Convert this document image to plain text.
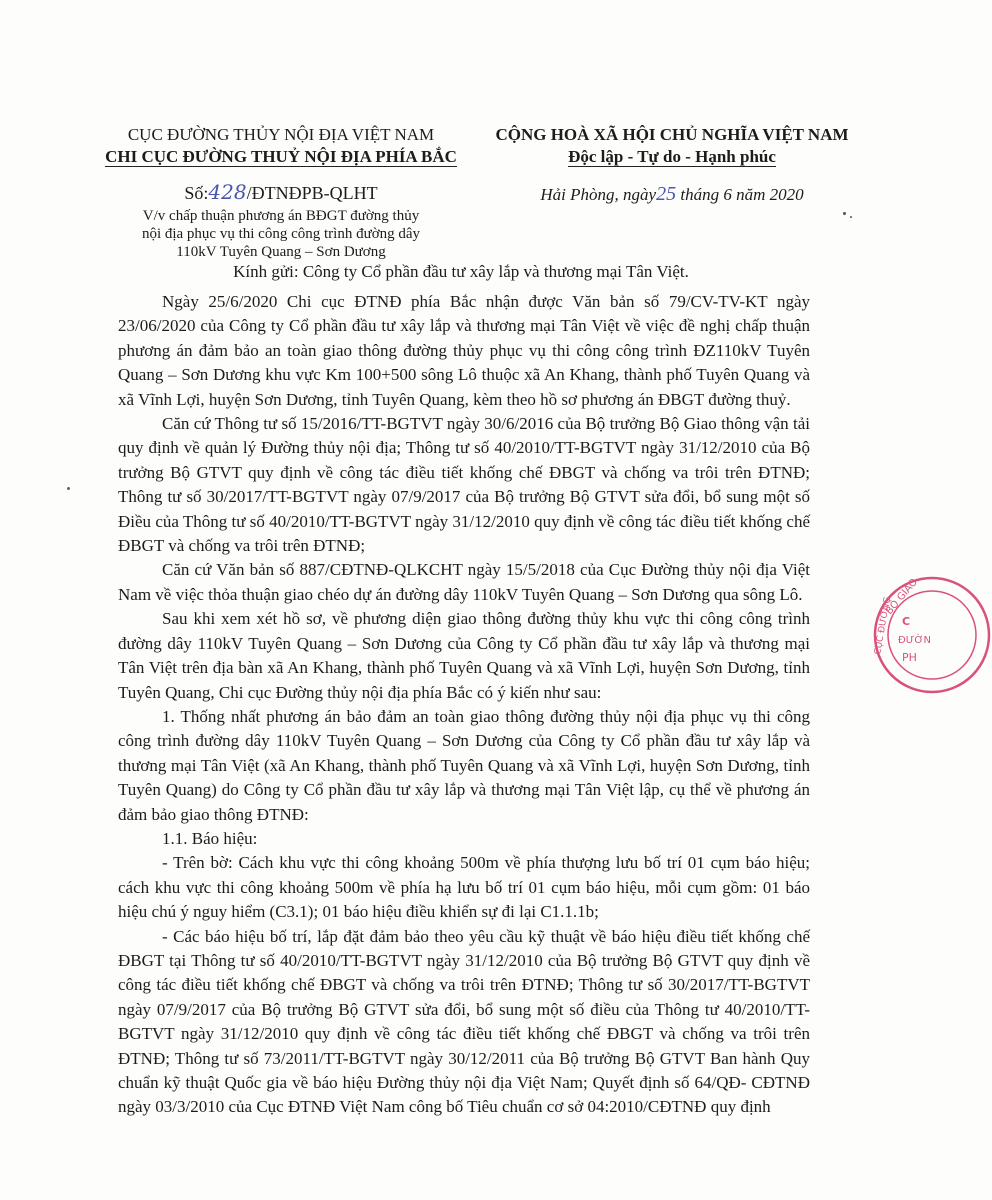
CỤC ĐƯỜNG THỦY NỘI ĐỊA VIỆT NAM
CHI CỤC ĐƯỜNG THUỶ NỘI ĐỊA PHÍA BẮC
Số:428/ĐTNĐPB-QLHT
V/v chấp thuận phương án BĐGT đường thủy
nội địa phục vụ thi công công trình đường dây
110kV Tuyên Quang – Sơn Dương
CỘNG HOÀ XÃ HỘI CHỦ NGHĨA VIỆT NAM
Độc lập - Tự do - Hạnh phúc
Hải Phòng, ngày25 tháng 6 năm 2020
Kính gửi: Công ty Cổ phần đầu tư xây lắp và thương mại Tân Việt.

Ngày 25/6/2020 Chi cục ĐTNĐ phía Bắc nhận được Văn bản số 79/CV-TV-KT ngày 23/06/2020 của Công ty Cổ phần đầu tư xây lắp và thương mại Tân Việt về việc đề nghị chấp thuận phương án đảm bảo an toàn giao thông đường thủy phục vụ thi công công trình ĐZ110kV Tuyên Quang – Sơn Dương khu vực Km 100+500 sông Lô thuộc xã An Khang, thành phố Tuyên Quang và xã Vĩnh Lợi, huyện Sơn Dương, tỉnh Tuyên Quang, kèm theo hồ sơ phương án ĐBGT đường thuỷ.

Căn cứ Thông tư số 15/2016/TT-BGTVT ngày 30/6/2016 của Bộ trưởng Bộ Giao thông vận tải quy định về quản lý Đường thủy nội địa; Thông tư số 40/2010/TT-BGTVT ngày 31/12/2010 của Bộ trưởng Bộ GTVT quy định về công tác điều tiết khống chế ĐBGT và chống va trôi trên ĐTNĐ; Thông tư số 30/2017/TT-BGTVT ngày 07/9/2017 của Bộ trưởng Bộ GTVT sửa đổi, bổ sung một số Điều của Thông tư số 40/2010/TT-BGTVT ngày 31/12/2010 quy định về công tác điều tiết khống chế ĐBGT và chống va trôi trên ĐTNĐ;

Căn cứ Văn bản số 887/CĐTNĐ-QLKCHT ngày 15/5/2018 của Cục Đường thủy nội địa Việt Nam về việc thỏa thuận giao chéo dự án đường dây 110kV Tuyên Quang – Sơn Dương qua sông Lô.

Sau khi xem xét hồ sơ, về phương diện giao thông đường thủy khu vực thi công công trình đường dây 110kV Tuyên Quang – Sơn Dương của Công ty Cổ phần đầu tư xây lắp và thương mại Tân Việt trên địa bàn xã An Khang, thành phố Tuyên Quang và xã Vĩnh Lợi, huyện Sơn Dương, tỉnh Tuyên Quang, Chi cục Đường thủy nội địa phía Bắc có ý kiến như sau:

1. Thống nhất phương án bảo đảm an toàn giao thông đường thủy nội địa phục vụ thi công công trình đường dây 110kV Tuyên Quang – Sơn Dương của Công ty Cổ phần đầu tư xây lắp và thương mại Tân Việt (xã An Khang, thành phố Tuyên Quang và xã Vĩnh Lợi, huyện Sơn Dương, tỉnh Tuyên Quang) do Công ty Cổ phần đầu tư xây lắp và thương mại Tân Việt lập, cụ thể về phương án đảm bảo giao thông ĐTNĐ:

1.1. Báo hiệu:

- Trên bờ: Cách khu vực thi công khoảng 500m về phía thượng lưu bố trí 01 cụm báo hiệu; cách khu vực thi công khoảng 500m về phía hạ lưu bố trí 01 cụm báo hiệu, mỗi cụm gồm: 01 báo hiệu chú ý nguy hiểm (C3.1); 01 báo hiệu điều khiển sự đi lại C1.1.1b;

- Các báo hiệu bố trí, lắp đặt đảm bảo theo yêu cầu kỹ thuật về báo hiệu điều tiết khống chế ĐBGT tại Thông tư số 40/2010/TT-BGTVT ngày 31/12/2010 của Bộ trưởng Bộ GTVT quy định về công tác điều tiết khống chế ĐBGT và chống va trôi trên ĐTNĐ; Thông tư số 30/2017/TT-BGTVT ngày 07/9/2017 của Bộ trưởng Bộ GTVT sửa đổi, bổ sung một số điều của Thông tư 40/2010/TT-BGTVT ngày 31/12/2010 quy định về công tác điều tiết khống chế ĐBGT và chống va trôi trên ĐTNĐ; Thông tư số 73/2011/TT-BGTVT ngày 30/12/2011 của Bộ trưởng Bộ GTVT Ban hành Quy chuẩn kỹ thuật Quốc gia về báo hiệu Đường thủy nội địa Việt Nam; Quyết định số 64/QĐ- CĐTNĐ ngày 03/3/2010 của Cục ĐTNĐ Việt Nam công bố Tiêu chuẩn cơ sở 04:2010/CĐTNĐ quy định

BỘ GIAO
C
ĐƯỜN
PH
CỤC ĐƯỜNG
